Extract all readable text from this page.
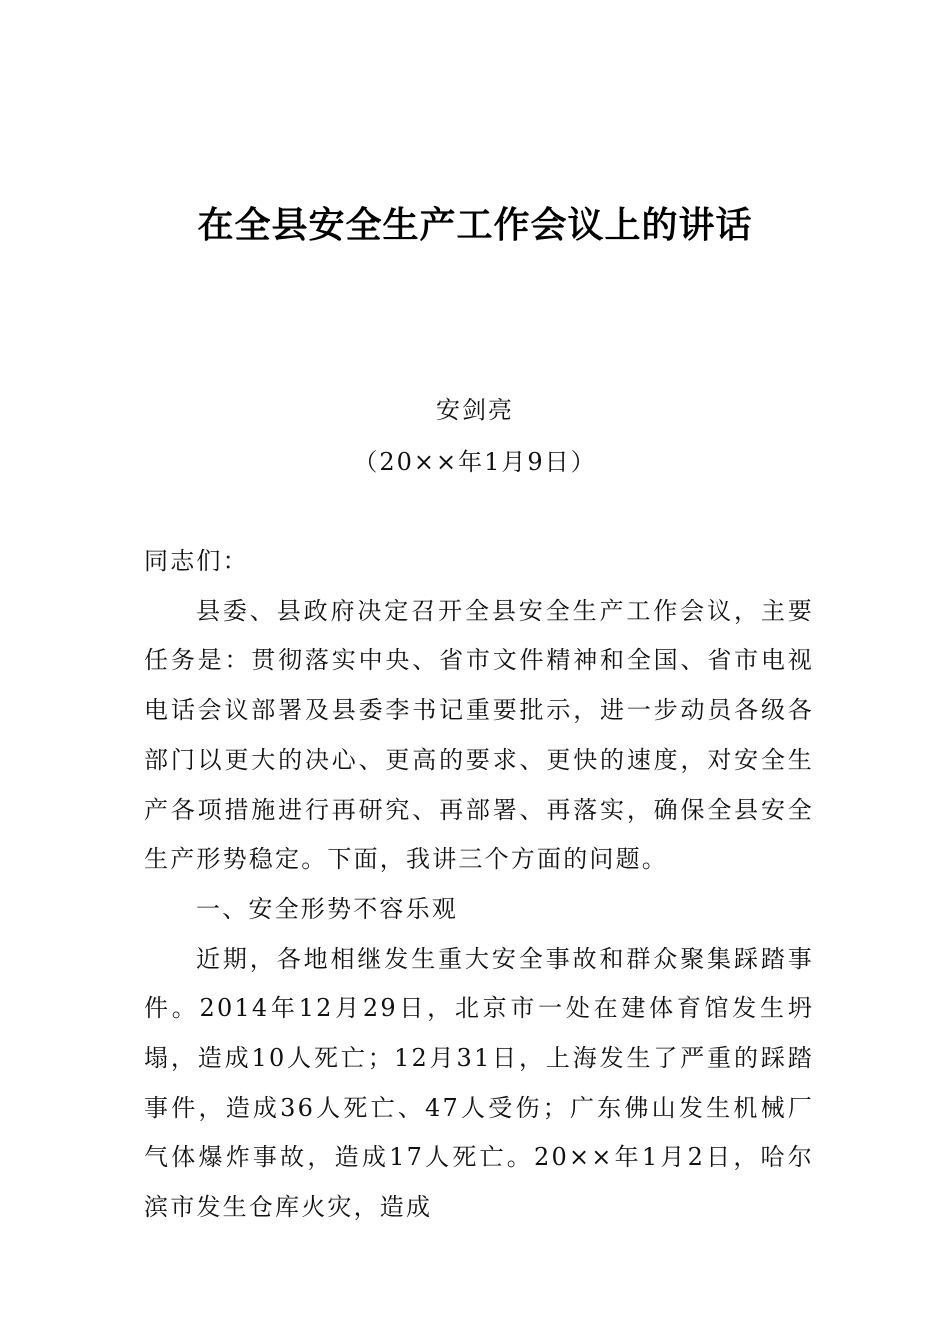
在全县安全生产工作会议上的讲话
安剑亮
（20××年1月9日）

同志们：

县委、县政府决定召开全县安全生产工作会议，主要任务是：贯彻落实中央、省市文件精神和全国、省市电视电话会议部署及县委李书记重要批示，进一步动员各级各部门以更大的决心、更高的要求、更快的速度，对安全生产各项措施进行再研究、再部署、再落实，确保全县安全生产形势稳定。下面，我讲三个方面的问题。

一、安全形势不容乐观

近期，各地相继发生重大安全事故和群众聚集踩踏事件。2014年12月29日，北京市一处在建体育馆发生坍塌，造成10人死亡；12月31日，上海发生了严重的踩踏事件，造成36人死亡、47人受伤；广东佛山发生机械厂气体爆炸事故，造成17人死亡。20××年1月2日，哈尔滨市发生仓库火灾，造成
